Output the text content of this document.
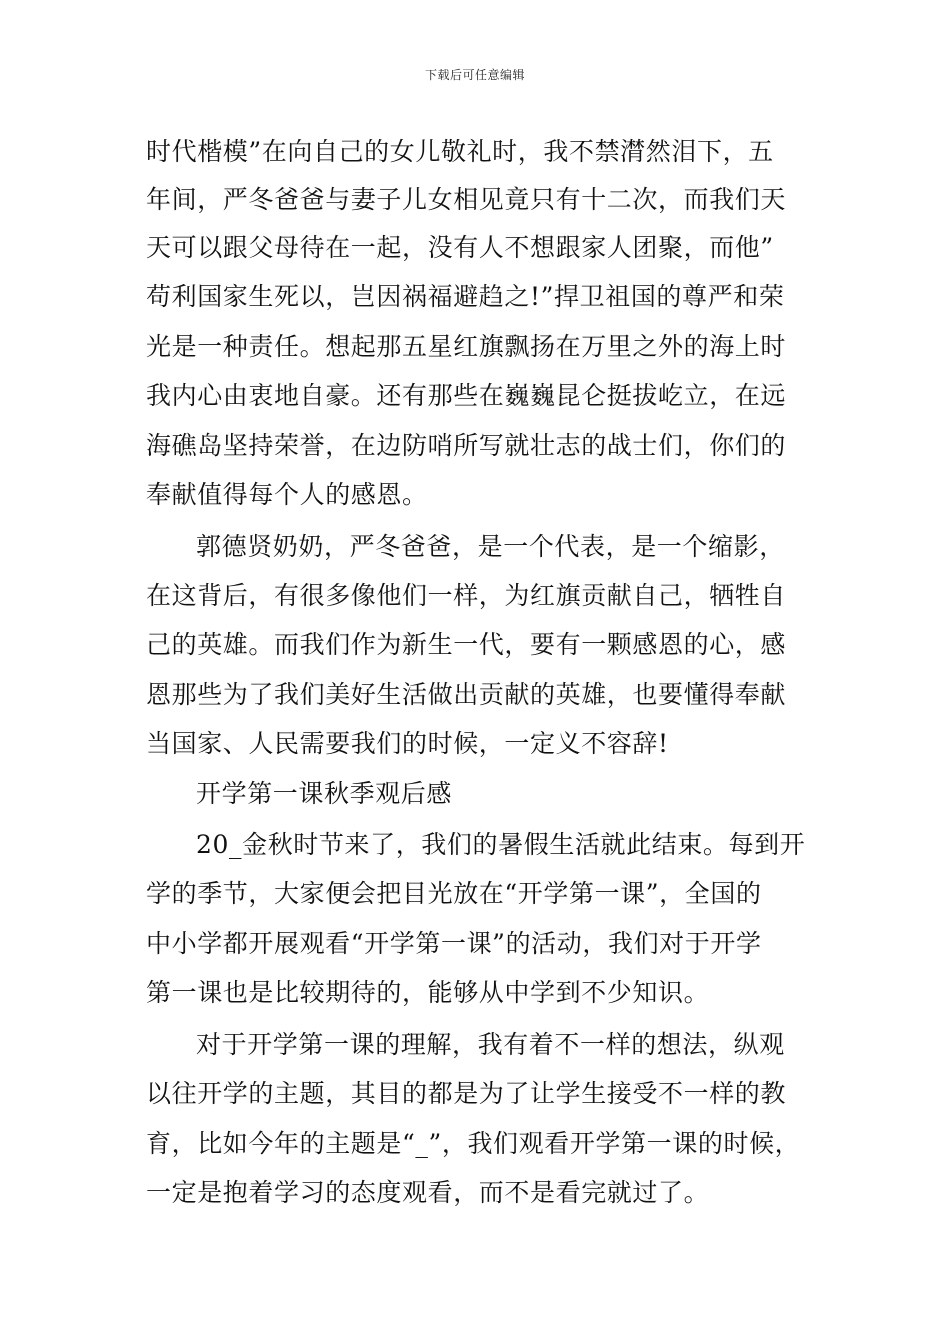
下载后可任意编辑
时代楷模”在向自己的女儿敬礼时，我不禁潸然泪下，五
年间，严冬爸爸与妻子儿女相见竟只有十二次，而我们天
天可以跟父母待在一起，没有人不想跟家人团聚，而他”
苟利国家生死以，岂因祸福避趋之!”捍卫祖国的尊严和荣
光是一种责任。想起那五星红旗飘扬在万里之外的海上时
我内心由衷地自豪。还有那些在巍巍昆仑挺拔屹立，在远
海礁岛坚持荣誉，在边防哨所写就壮志的战士们，你们的
奉献值得每个人的感恩。
郭德贤奶奶，严冬爸爸，是一个代表，是一个缩影，
在这背后，有很多像他们一样，为红旗贡献自己，牺牲自
己的英雄。而我们作为新生一代，要有一颗感恩的心，感
恩那些为了我们美好生活做出贡献的英雄，也要懂得奉献
当国家、人民需要我们的时候，一定义不容辞!
开学第一课秋季观后感
20_金秋时节来了，我们的暑假生活就此结束。每到开
学的季节，大家便会把目光放在“开学第一课”，全国的
中小学都开展观看“开学第一课”的活动，我们对于开学
第一课也是比较期待的，能够从中学到不少知识。
对于开学第一课的理解，我有着不一样的想法，纵观
以往开学的主题，其目的都是为了让学生接受不一样的教
育，比如今年的主题是“_”，我们观看开学第一课的时候，
一定是抱着学习的态度观看，而不是看完就过了。
